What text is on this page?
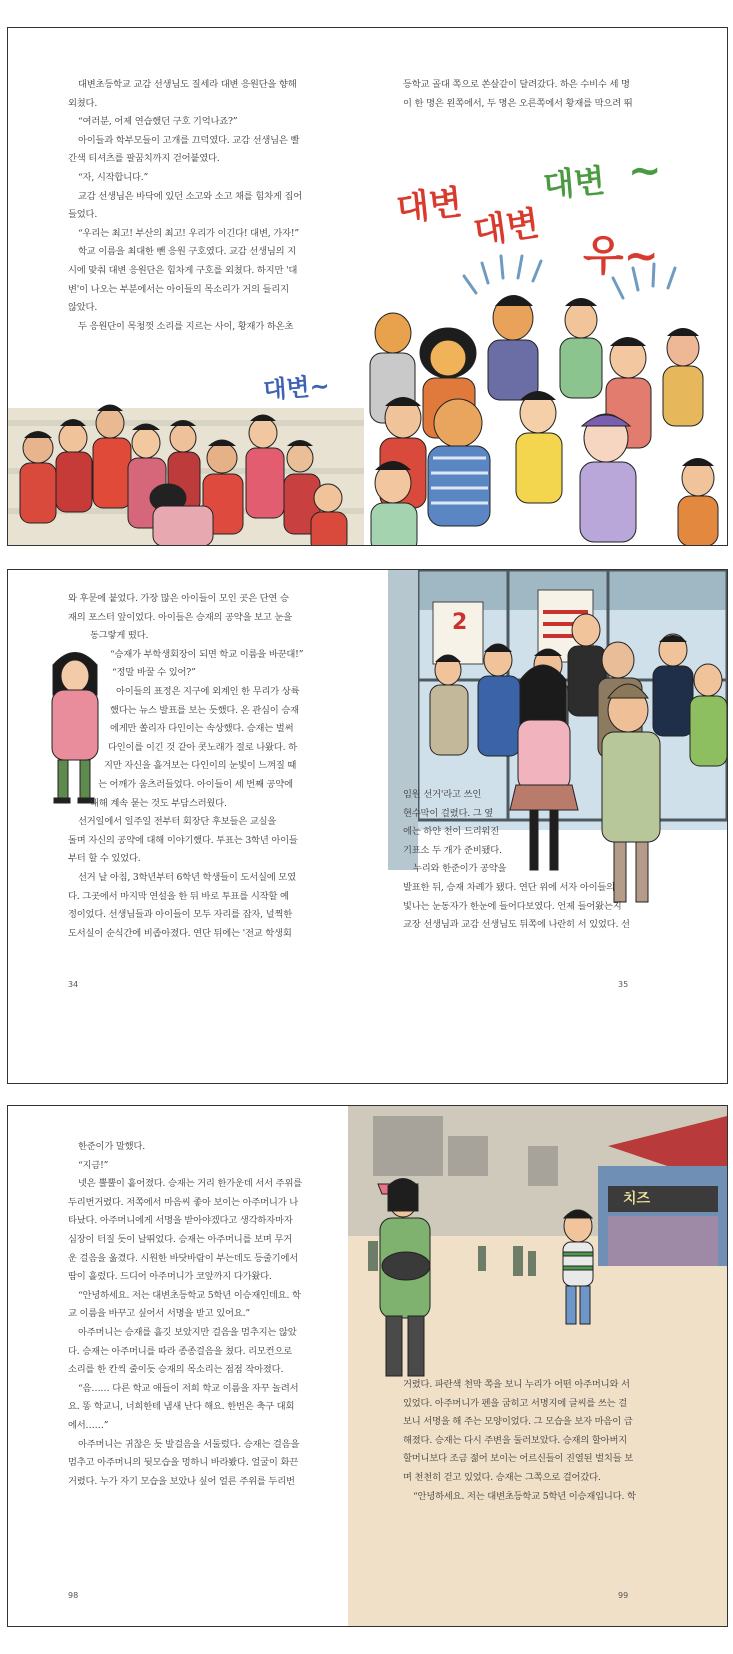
대변 대변
대변 ~
우~
대변~

대변초등학교 교감 선생님도 질세라 대변 응원단을 향해

외쳤다.

“여러분, 어제 연습했던 구호 기억나죠?”

아이들과 학부모들이 고개를 끄덕였다. 교감 선생님은 빨

간색 티셔츠를 팔꿈치까지 걷어붙였다.

“자, 시작합니다.”

교감 선생님은 바닥에 있던 소고와 소고 채를 힘차게 집어

들었다.

“우리는 최고! 부산의 최고! 우리가 이긴다! 대변, 가자!”

학교 이름을 최대한 뺀 응원 구호였다. 교감 선생님의 지

시에 맞춰 대변 응원단은 힘차게 구호를 외쳤다. 하지만 '대

변'이 나오는 부분에서는 아이들의 목소리가 거의 들리지

않았다.

두 응원단이 목청껏 소리를 지르는 사이, 황재가 하온초

등학교 골대 쪽으로 쏜살같이 달려갔다. 하은 수비수 세 명

이 한 명은 왼쪽에서, 두 명은 오른쪽에서 황재를 막으려 뛰

2

와 후문에 붙었다. 가장 많은 아이들이 모인 곳은 단연 승

재의 포스터 앞이었다. 아이들은 승재의 공약을 보고 눈을

동그랗게 떴다.

“승재가 부학생회장이 되면 학교 이름을 바꾼대!”

“정말 바꿀 수 있어?”

아이들의 표정은 지구에 외계인 한 무리가 상륙

했다는 뉴스 발표를 보는 듯했다. 온 관심이 승재

에게만 쏠리자 다인이는 속상했다. 승재는 벌써

다인이를 이긴 것 같아 콧노래가 절로 나왔다. 하

지만 자신을 흘겨보는 다인이의 눈빛이 느껴질 때

는 어깨가 움츠러들었다. 아이들이 세 번째 공약에

대해 계속 묻는 것도 부담스러웠다.

선거일에서 일주일 전부터 회장단 후보들은 교실을

돌며 자신의 공약에 대해 이야기했다. 투표는 3학년 아이들

부터 할 수 있었다.

선거 날 아침, 3학년부터 6학년 학생들이 도서실에 모였

다. 그곳에서 마지막 연설을 한 뒤 바로 투표를 시작할 예

정이었다. 선생님들과 아이들이 모두 자리를 잡자, 널찍한

도서실이 순식간에 비좁아졌다. 연단 뒤에는 '전교 학생회

임원 선거'라고 쓰인

현수막이 걸렸다. 그 옆

에는 하얀 천이 드리워진

기표소 두 개가 준비됐다.

누리와 한준이가 공약을

발표한 뒤, 승재 차례가 됐다. 연단 위에 서자 아이들의

빛나는 눈동자가 한눈에 들어다보였다. 언제 들어왔는지

교장 선생님과 교감 선생님도 뒤쪽에 나란히 서 있었다. 선

34	35
치즈

한준이가 말했다.

“지금!”

넷은 뿔뿔이 흩어졌다. 승재는 거리 한가운데 서서 주위를

두리번거렸다. 저쪽에서 마음씨 좋아 보이는 아주머니가 나

타났다. 아주머니에게 서명을 받아야겠다고 생각하자마자

심장이 터질 듯이 날뛰었다. 승재는 아주머니를 보며 무거

운 걸음을 옮겼다. 시원한 바닷바람이 부는데도 등줄기에서

땀이 흘렀다. 드디어 아주머니가 코앞까지 다가왔다.

“안녕하세요. 저는 대변초등학교 5학년 이승재인데요. 학

교 이름을 바꾸고 싶어서 서명을 받고 있어요.”

아주머니는 승재를 흘깃 보았지만 걸음을 멈추지는 않았

다. 승재는 아주머니를 따라 종종걸음을 쳤다. 리모컨으로

소리를 한 칸씩 줄이듯 승재의 목소리는 점점 작아졌다.

“음…… 다른 학교 애들이 저희 학교 이름을 자꾸 놀려서

요. 똥 학교니, 너희한테 냄새 난다 해요. 한번은 축구 대회

에서……”

아주머니는 귀찮은 듯 발걸음을 서둘렀다. 승재는 걸음을

멈추고 아주머니의 뒷모습을 멍하니 바라봤다. 얼굴이 화끈

거렸다. 누가 자기 모습을 보았나 싶어 얼른 주위를 두리번

거렸다. 파란색 천막 쪽을 보니 누리가 어떤 아주머니와 서

있었다. 아주머니가 펜을 굽히고 서명지에 글씨를 쓰는 걸

보니 서명을 해 주는 모양이었다. 그 모습을 보자 마음이 급

해졌다. 승재는 다시 주변을 둘러보았다. 승재의 할아버지

할머니보다 조금 젊어 보이는 어르신들이 진열된 벌치들 보

며 천천히 걷고 있었다. 승재는 그쪽으로 걸어갔다.

“안녕하세요. 저는 대변초등학교 5학년 이승재입니다. 학

98	99
